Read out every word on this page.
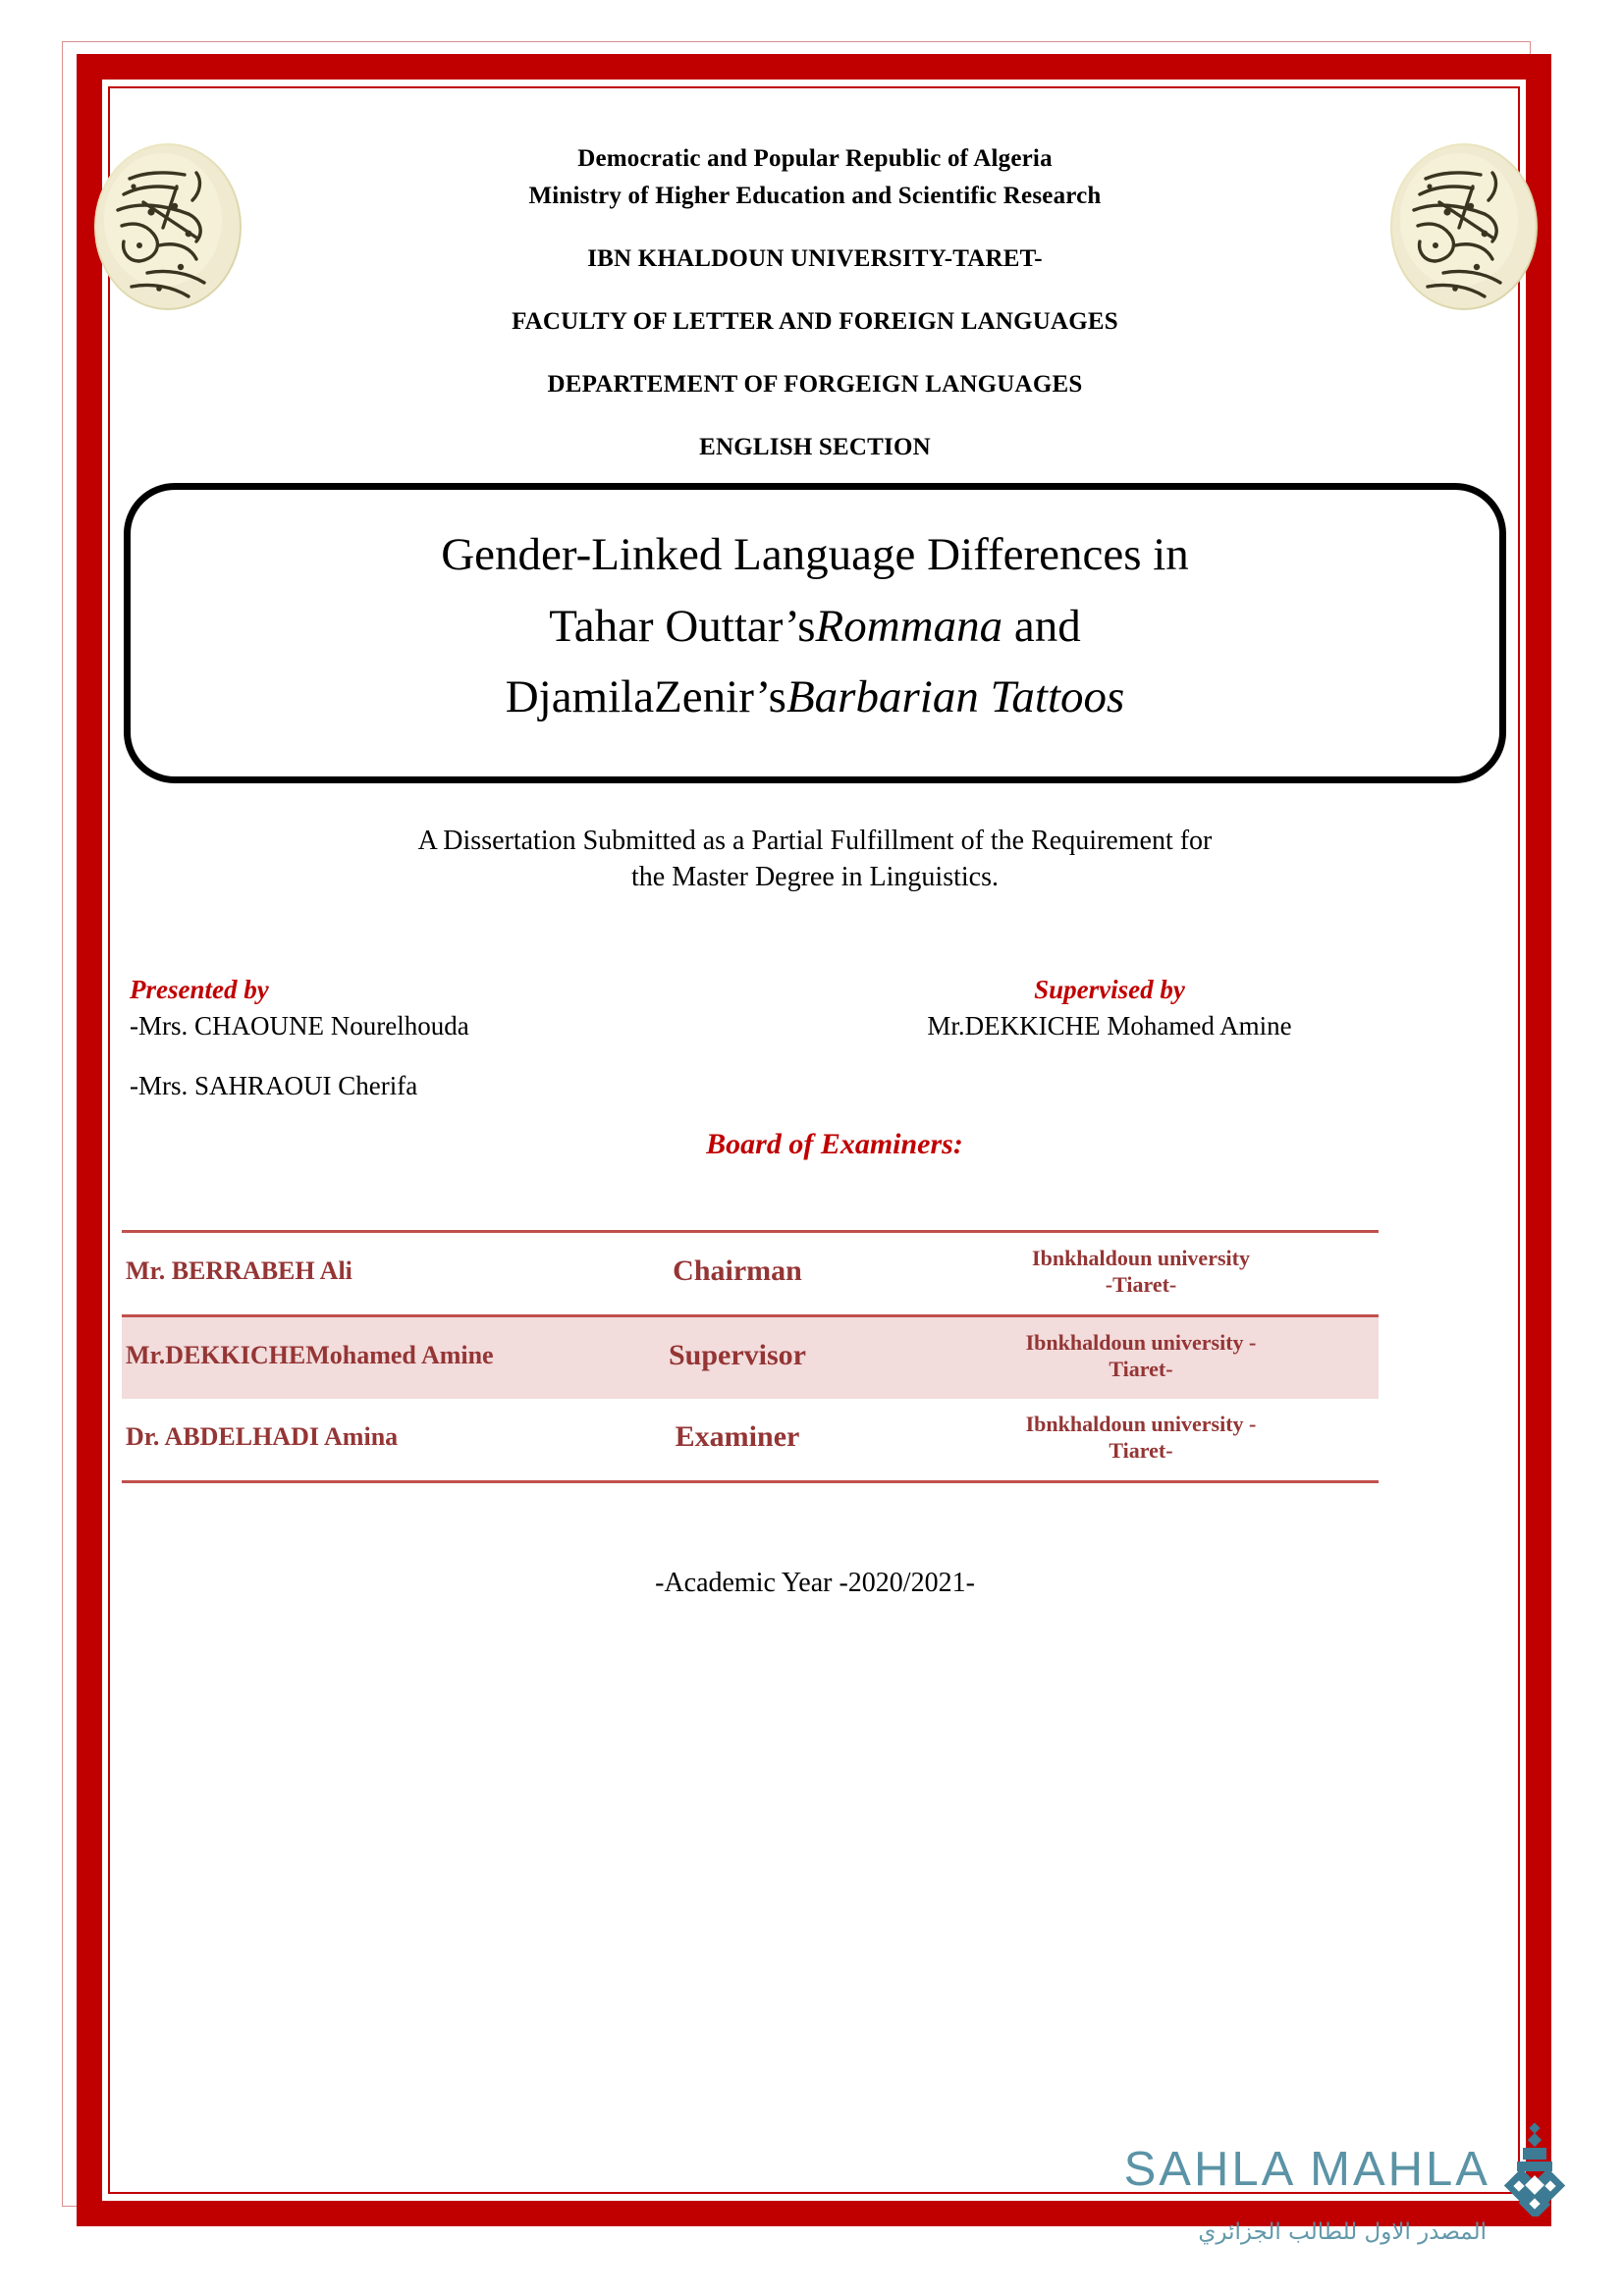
Democratic and Popular Republic of Algeria
Ministry of Higher Education and Scientific Research
IBN KHALDOUN UNIVERSITY-TARET-
FACULTY OF LETTER AND FOREIGN LANGUAGES
DEPARTEMENT OF FORGEIGN LANGUAGES
ENGLISH SECTION
Gender-Linked Language Differences in
Tahar Outtar’sRommana and
DjamilaZenir’sBarbarian Tattoos
A Dissertation Submitted as a Partial Fulfillment of the Requirement for
the Master Degree in Linguistics.
Presented by
-Mrs. CHAOUNE Nourelhouda
-Mrs. SAHRAOUI Cherifa
Supervised by
Mr.DEKKICHE Mohamed Amine
Board of Examiners:
Mr. BERRABEH Ali	Chairman	Ibnkhaldoun university
-Tiaret-

Mr.DEKKICHEMohamed Amine	Supervisor	Ibnkhaldoun university -
Tiaret-

Dr. ABDELHADI Amina	Examiner	Ibnkhaldoun university -
Tiaret-
-Academic Year -2020/2021-
SAHLA MAHLA
المصدر الاول للطالب الجزائري
